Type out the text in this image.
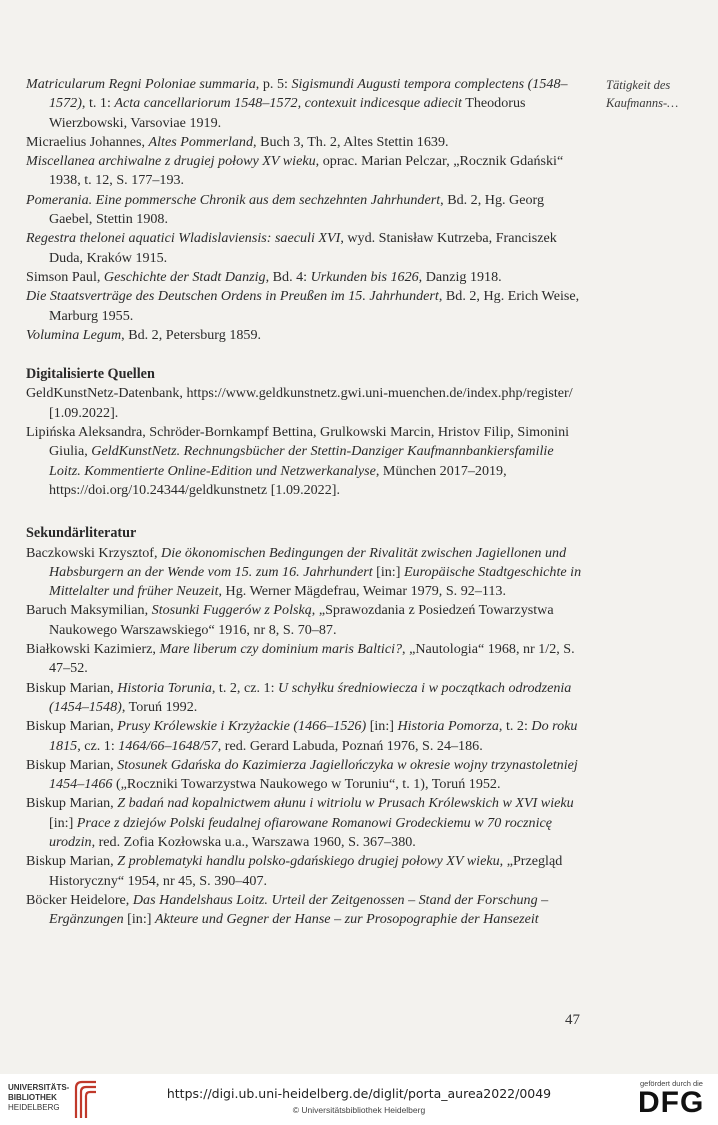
Tätigkeit des
Kaufmanns-…

Matricularum Regni Poloniae summaria, p. 5: Sigismundi Augusti tempora complectens (1548–1572), t. 1: Acta cancellariorum 1548–1572, contexuit indicesque adiecit Theodorus Wierzbowski, Varsoviae 1919.

Micraelius Johannes, Altes Pommerland, Buch 3, Th. 2, Altes Stettin 1639.

Miscellanea archiwalne z drugiej połowy XV wieku, oprac. Marian Pelczar, „Rocznik Gdański“ 1938, t. 12, S. 177–193.

Pomerania. Eine pommersche Chronik aus dem sechzehnten Jahrhundert, Bd. 2, Hg. Georg Gaebel, Stettin 1908.

Regestra thelonei aquatici Wladislaviensis: saeculi XVI, wyd. Stanisław Kutrzeba, Franciszek Duda, Kraków 1915.

Simson Paul, Geschichte der Stadt Danzig, Bd. 4: Urkunden bis 1626, Danzig 1918.

Die Staatsverträge des Deutschen Ordens in Preußen im 15. Jahrhundert, Bd. 2, Hg. Erich Weise, Marburg 1955.

Volumina Legum, Bd. 2, Petersburg 1859.

Digitalisierte Quellen

GeldKunstNetz-Datenbank, https://www.geldkunstnetz.gwi.uni-muenchen.de/index.php/register/ [1.09.2022].

Lipińska Aleksandra, Schröder-Bornkampf Bettina, Grulkowski Marcin, Hristov Filip, Simonini Giulia, GeldKunstNetz. Rechnungsbücher der Stettin-Danziger Kaufmannbankiersfamilie Loitz. Kommentierte Online-Edition und Netzwerkanalyse, München 2017–2019, https://doi.org/10.24344/geldkunstnetz [1.09.2022].

Sekundärliteratur

Baczkowski Krzysztof, Die ökonomischen Bedingungen der Rivalität zwischen Jagiellonen und Habsburgern an der Wende vom 15. zum 16. Jahrhundert [in:] Europäische Stadtgeschichte in Mittelalter und früher Neuzeit, Hg. Werner Mägdefrau, Weimar 1979, S. 92–113.

Baruch Maksymilian, Stosunki Fuggerów z Polską, „Sprawozdania z Posiedzeń Towarzystwa Naukowego Warszawskiego“ 1916, nr 8, S. 70–87.

Białkowski Kazimierz, Mare liberum czy dominium maris Baltici?, „Nautologia“ 1968, nr 1/2, S. 47–52.

Biskup Marian, Historia Torunia, t. 2, cz. 1: U schyłku średniowiecza i w początkach odrodzenia (1454–1548), Toruń 1992.

Biskup Marian, Prusy Królewskie i Krzyżackie (1466–1526) [in:] Historia Pomorza, t. 2: Do roku 1815, cz. 1: 1464/66–1648/57, red. Gerard Labuda, Poznań 1976, S. 24–186.

Biskup Marian, Stosunek Gdańska do Kazimierza Jagiellończyka w okresie wojny trzynastoletniej 1454–1466 („Roczniki Towarzystwa Naukowego w Toruniu“, t. 1), Toruń 1952.

Biskup Marian, Z badań nad kopalnictwem ałunu i witriolu w Prusach Królewskich w XVI wieku [in:] Prace z dziejów Polski feudalnej ofiarowane Romanowi Grodeckiemu w 70 rocznicę urodzin, red. Zofia Kozłowska u.a., Warszawa 1960, S. 367–380.

Biskup Marian, Z problematyki handlu polsko-gdańskiego drugiej połowy XV wieku, „Przegląd Historyczny“ 1954, nr 45, S. 390–407.

Böcker Heidelore, Das Handelshaus Loitz. Urteil der Zeitgenossen – Stand der Forschung – Ergänzungen [in:] Akteure und Gegner der Hanse – zur Prosopographie der Hansezeit

47
UNIVERSITÄTS-
BIBLIOTHEK
HEIDELBERG
https://digi.ub.uni-heidelberg.de/diglit/porta_aurea2022/0049
© Universitätsbibliothek Heidelberg
gefördert durch die
DFG
